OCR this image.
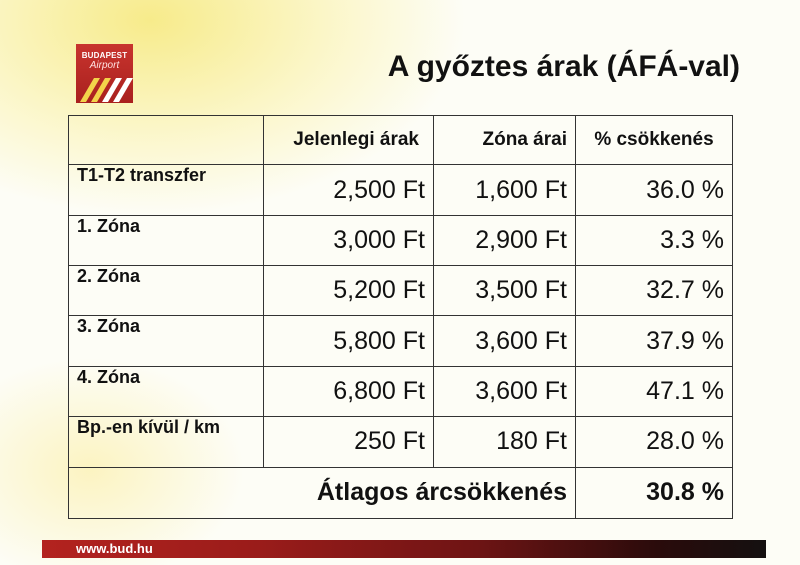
BUDAPEST
Airport	A győztes árak (ÁFÁ-val)
	Jelenlegi árak	Zóna árai	% csökkenés
T1-T2 transzfer	2,500 Ft	1,600 Ft	36.0 %
1. Zóna	3,000 Ft	2,900 Ft	3.3 %
2. Zóna	5,200 Ft	3,500 Ft	32.7 %
3. Zóna	5,800 Ft	3,600 Ft	37.9 %
4. Zóna	6,800 Ft	3,600 Ft	47.1 %
Bp.-en kívül / km	250 Ft	180 Ft	28.0 %
Átlagos árcsökkenés			30.8 %
www.bud.hu
